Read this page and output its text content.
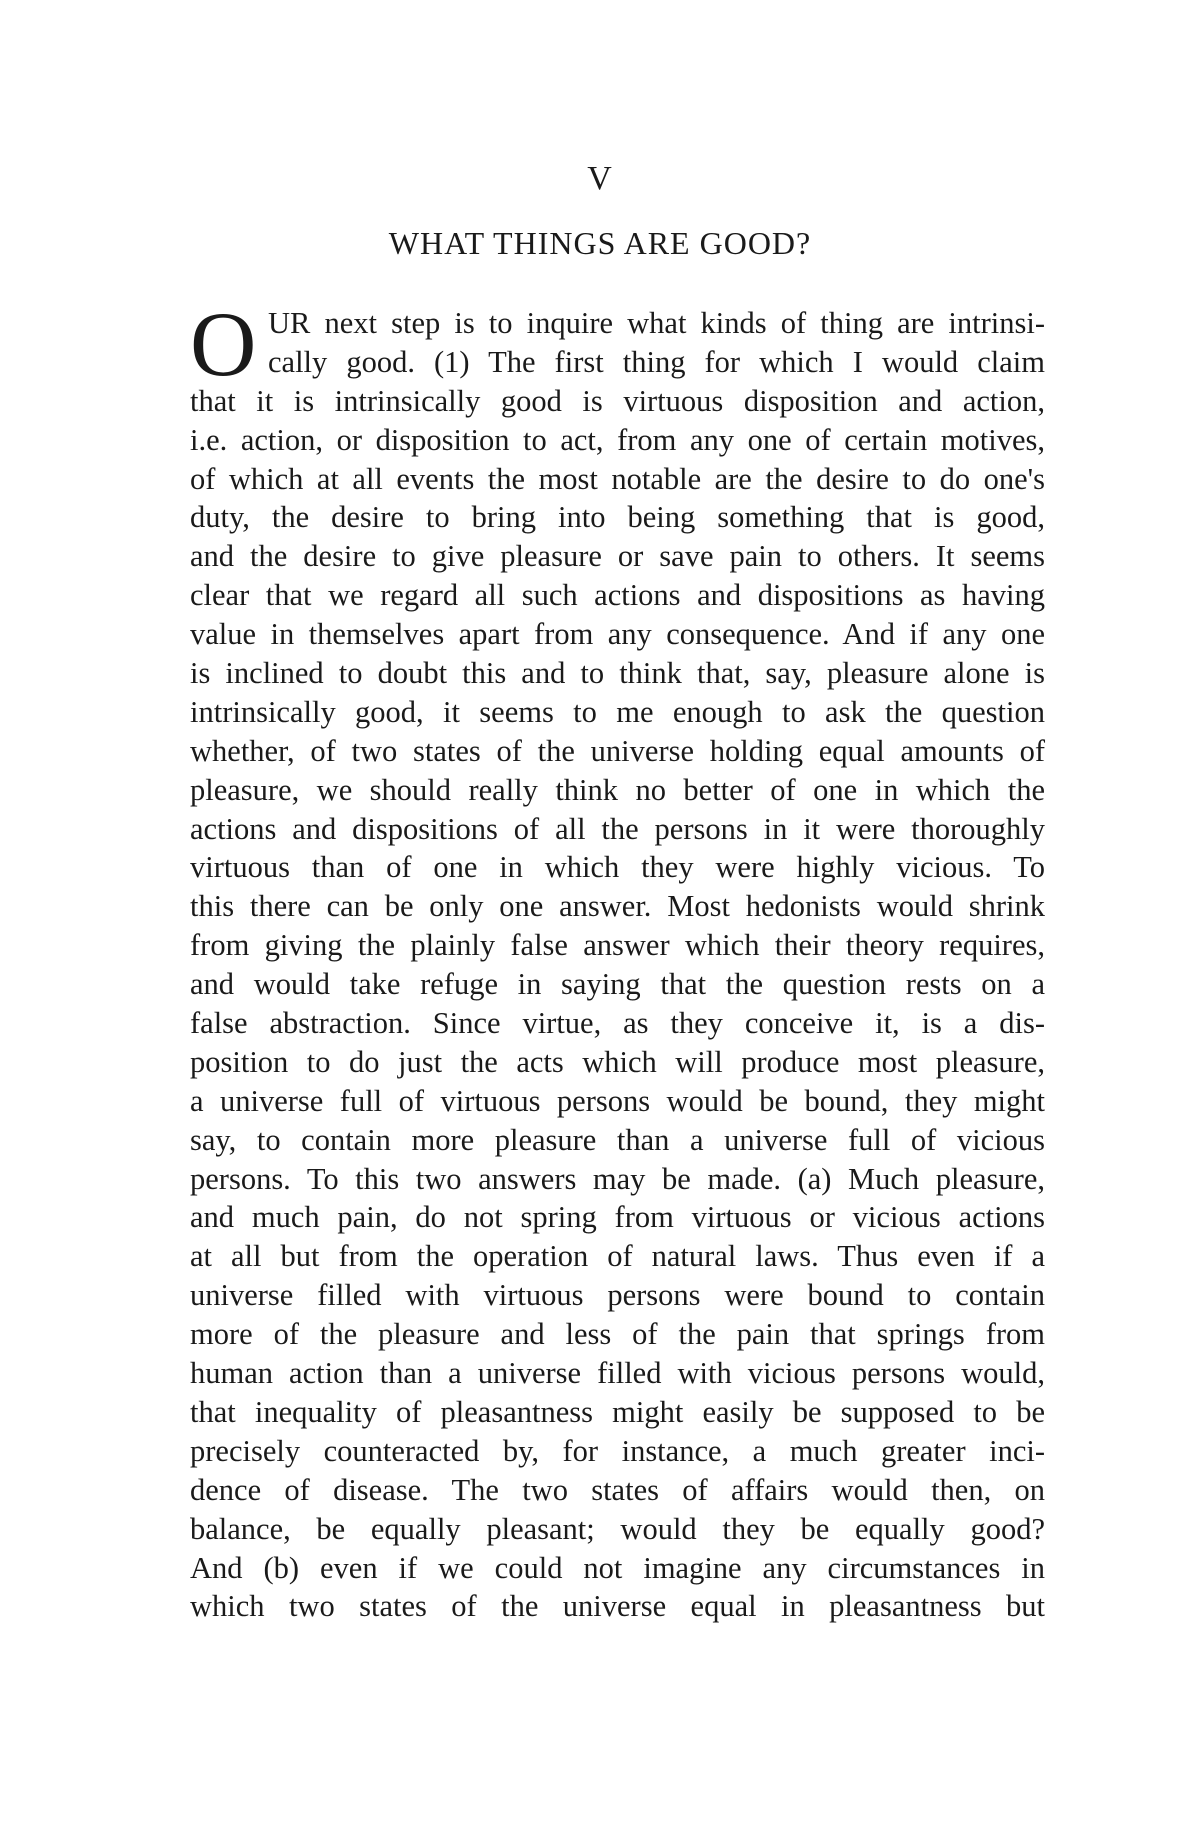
V
WHAT THINGS ARE GOOD?
O UR next step is to inquire what kinds of thing are intrinsi-
cally good. (1) The first thing for which I would claim
that it is intrinsically good is virtuous disposition and action,
i.e. action, or disposition to act, from any one of certain motives,
of which at all events the most notable are the desire to do one's
duty, the desire to bring into being something that is good,
and the desire to give pleasure or save pain to others. It seems
clear that we regard all such actions and dispositions as having
value in themselves apart from any consequence. And if any one
is inclined to doubt this and to think that, say, pleasure alone is
intrinsically good, it seems to me enough to ask the question
whether, of two states of the universe holding equal amounts of
pleasure, we should really think no better of one in which the
actions and dispositions of all the persons in it were thoroughly
virtuous than of one in which they were highly vicious. To
this there can be only one answer. Most hedonists would shrink
from giving the plainly false answer which their theory requires,
and would take refuge in saying that the question rests on a
false abstraction. Since virtue, as they conceive it, is a dis-
position to do just the acts which will produce most pleasure,
a universe full of virtuous persons would be bound, they might
say, to contain more pleasure than a universe full of vicious
persons. To this two answers may be made. (a) Much pleasure,
and much pain, do not spring from virtuous or vicious actions
at all but from the operation of natural laws. Thus even if a
universe filled with virtuous persons were bound to contain
more of the pleasure and less of the pain that springs from
human action than a universe filled with vicious persons would,
that inequality of pleasantness might easily be supposed to be
precisely counteracted by, for instance, a much greater inci-
dence of disease. The two states of affairs would then, on
balance, be equally pleasant; would they be equally good?
And (b) even if we could not imagine any circumstances in
which two states of the universe equal in pleasantness but
